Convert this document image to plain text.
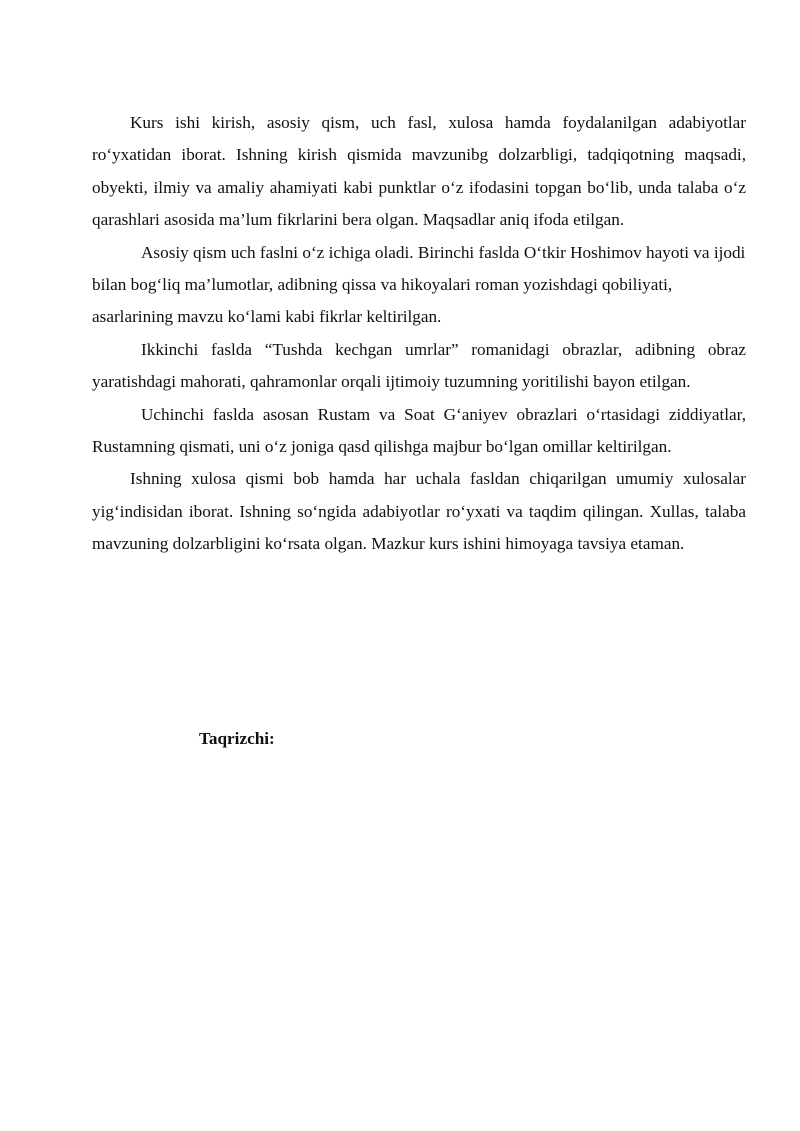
Kurs ishi kirish, asosiy qism, uch fasl, xulosa hamda foydalanilgan adabiyotlar ro‘yxatidan iborat. Ishning kirish qismida mavzunibg dolzarbligi, tadqiqotning maqsadi, obyekti, ilmiy va amaliy ahamiyati kabi punktlar o‘z ifodasini topgan bo‘lib, unda talaba o‘z qarashlari asosida ma’lum fikrlarini bera olgan. Maqsadlar aniq ifoda etilgan.

Asosiy qism uch faslni o‘z ichiga oladi. Birinchi faslda O‘tkir Hoshimov hayoti va ijodi bilan bog‘liq ma’lumotlar, adibning qissa va hikoyalari roman yozishdagi qobiliyati, asarlarining mavzu ko‘lami kabi fikrlar keltirilgan.

Ikkinchi faslda “Tushda kechgan umrlar” romanidagi obrazlar, adibning obraz yaratishdagi mahorati, qahramonlar orqali ijtimoiy tuzumning yoritilishi bayon etilgan.

Uchinchi faslda asosan Rustam va Soat G‘aniyev obrazlari o‘rtasidagi ziddiyatlar, Rustamning qismati, uni o‘z joniga qasd qilishga majbur bo‘lgan omillar keltirilgan.

Ishning xulosa qismi bob hamda har uchala fasldan chiqarilgan umumiy xulosalar yig‘indisidan iborat. Ishning so‘ngida adabiyotlar ro‘yxati va taqdim qilingan. Xullas, talaba mavzuning dolzarbligini ko‘rsata olgan. Mazkur kurs ishini himoyaga tavsiya etaman.

Taqrizchi:
